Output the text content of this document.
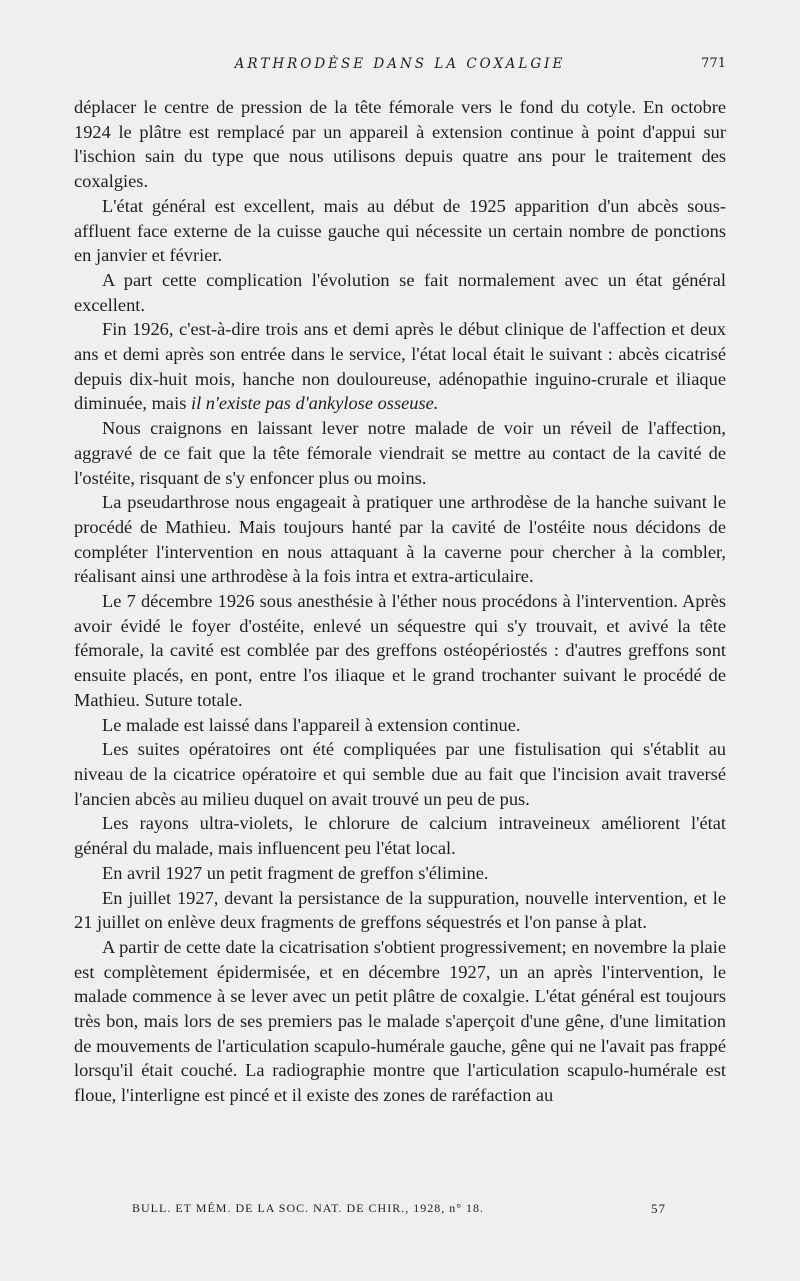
ARTHRODÈSE DANS LA COXALGIE	771

déplacer le centre de pression de la tête fémorale vers le fond du cotyle. En octobre 1924 le plâtre est remplacé par un appareil à extension continue à point d'appui sur l'ischion sain du type que nous utilisons depuis quatre ans pour le traitement des coxalgies.

L'état général est excellent, mais au début de 1925 apparition d'un abcès sous-affluent face externe de la cuisse gauche qui nécessite un certain nombre de ponctions en janvier et février.

A part cette complication l'évolution se fait normalement avec un état général excellent.

Fin 1926, c'est-à-dire trois ans et demi après le début clinique de l'affection et deux ans et demi après son entrée dans le service, l'état local était le suivant : abcès cicatrisé depuis dix-huit mois, hanche non douloureuse, adénopathie inguino-crurale et iliaque diminuée, mais il n'existe pas d'ankylose osseuse.

Nous craignons en laissant lever notre malade de voir un réveil de l'affection, aggravé de ce fait que la tête fémorale viendrait se mettre au contact de la cavité de l'ostéite, risquant de s'y enfoncer plus ou moins.

La pseudarthrose nous engageait à pratiquer une arthrodèse de la hanche suivant le procédé de Mathieu. Mais toujours hanté par la cavité de l'ostéite nous décidons de compléter l'intervention en nous attaquant à la caverne pour chercher à la combler, réalisant ainsi une arthrodèse à la fois intra et extra-articulaire.

Le 7 décembre 1926 sous anesthésie à l'éther nous procédons à l'intervention. Après avoir évidé le foyer d'ostéite, enlevé un séquestre qui s'y trouvait, et avivé la tête fémorale, la cavité est comblée par des greffons ostéopériostés : d'autres greffons sont ensuite placés, en pont, entre l'os iliaque et le grand trochanter suivant le procédé de Mathieu. Suture totale.

Le malade est laissé dans l'appareil à extension continue.

Les suites opératoires ont été compliquées par une fistulisation qui s'établit au niveau de la cicatrice opératoire et qui semble due au fait que l'incision avait traversé l'ancien abcès au milieu duquel on avait trouvé un peu de pus.

Les rayons ultra-violets, le chlorure de calcium intraveineux améliorent l'état général du malade, mais influencent peu l'état local.

En avril 1927 un petit fragment de greffon s'élimine.

En juillet 1927, devant la persistance de la suppuration, nouvelle intervention, et le 21 juillet on enlève deux fragments de greffons séquestrés et l'on panse à plat.

A partir de cette date la cicatrisation s'obtient progressivement; en novembre la plaie est complètement épidermisée, et en décembre 1927, un an après l'intervention, le malade commence à se lever avec un petit plâtre de coxalgie. L'état général est toujours très bon, mais lors de ses premiers pas le malade s'aperçoit d'une gêne, d'une limitation de mouvements de l'articulation scapulo-humérale gauche, gêne qui ne l'avait pas frappé lorsqu'il était couché. La radiographie montre que l'articulation scapulo-humérale est floue, l'interligne est pincé et il existe des zones de raréfaction au

BULL. ET MÉM. DE LA SOC. NAT. DE CHIR., 1928, n° 18.	57
